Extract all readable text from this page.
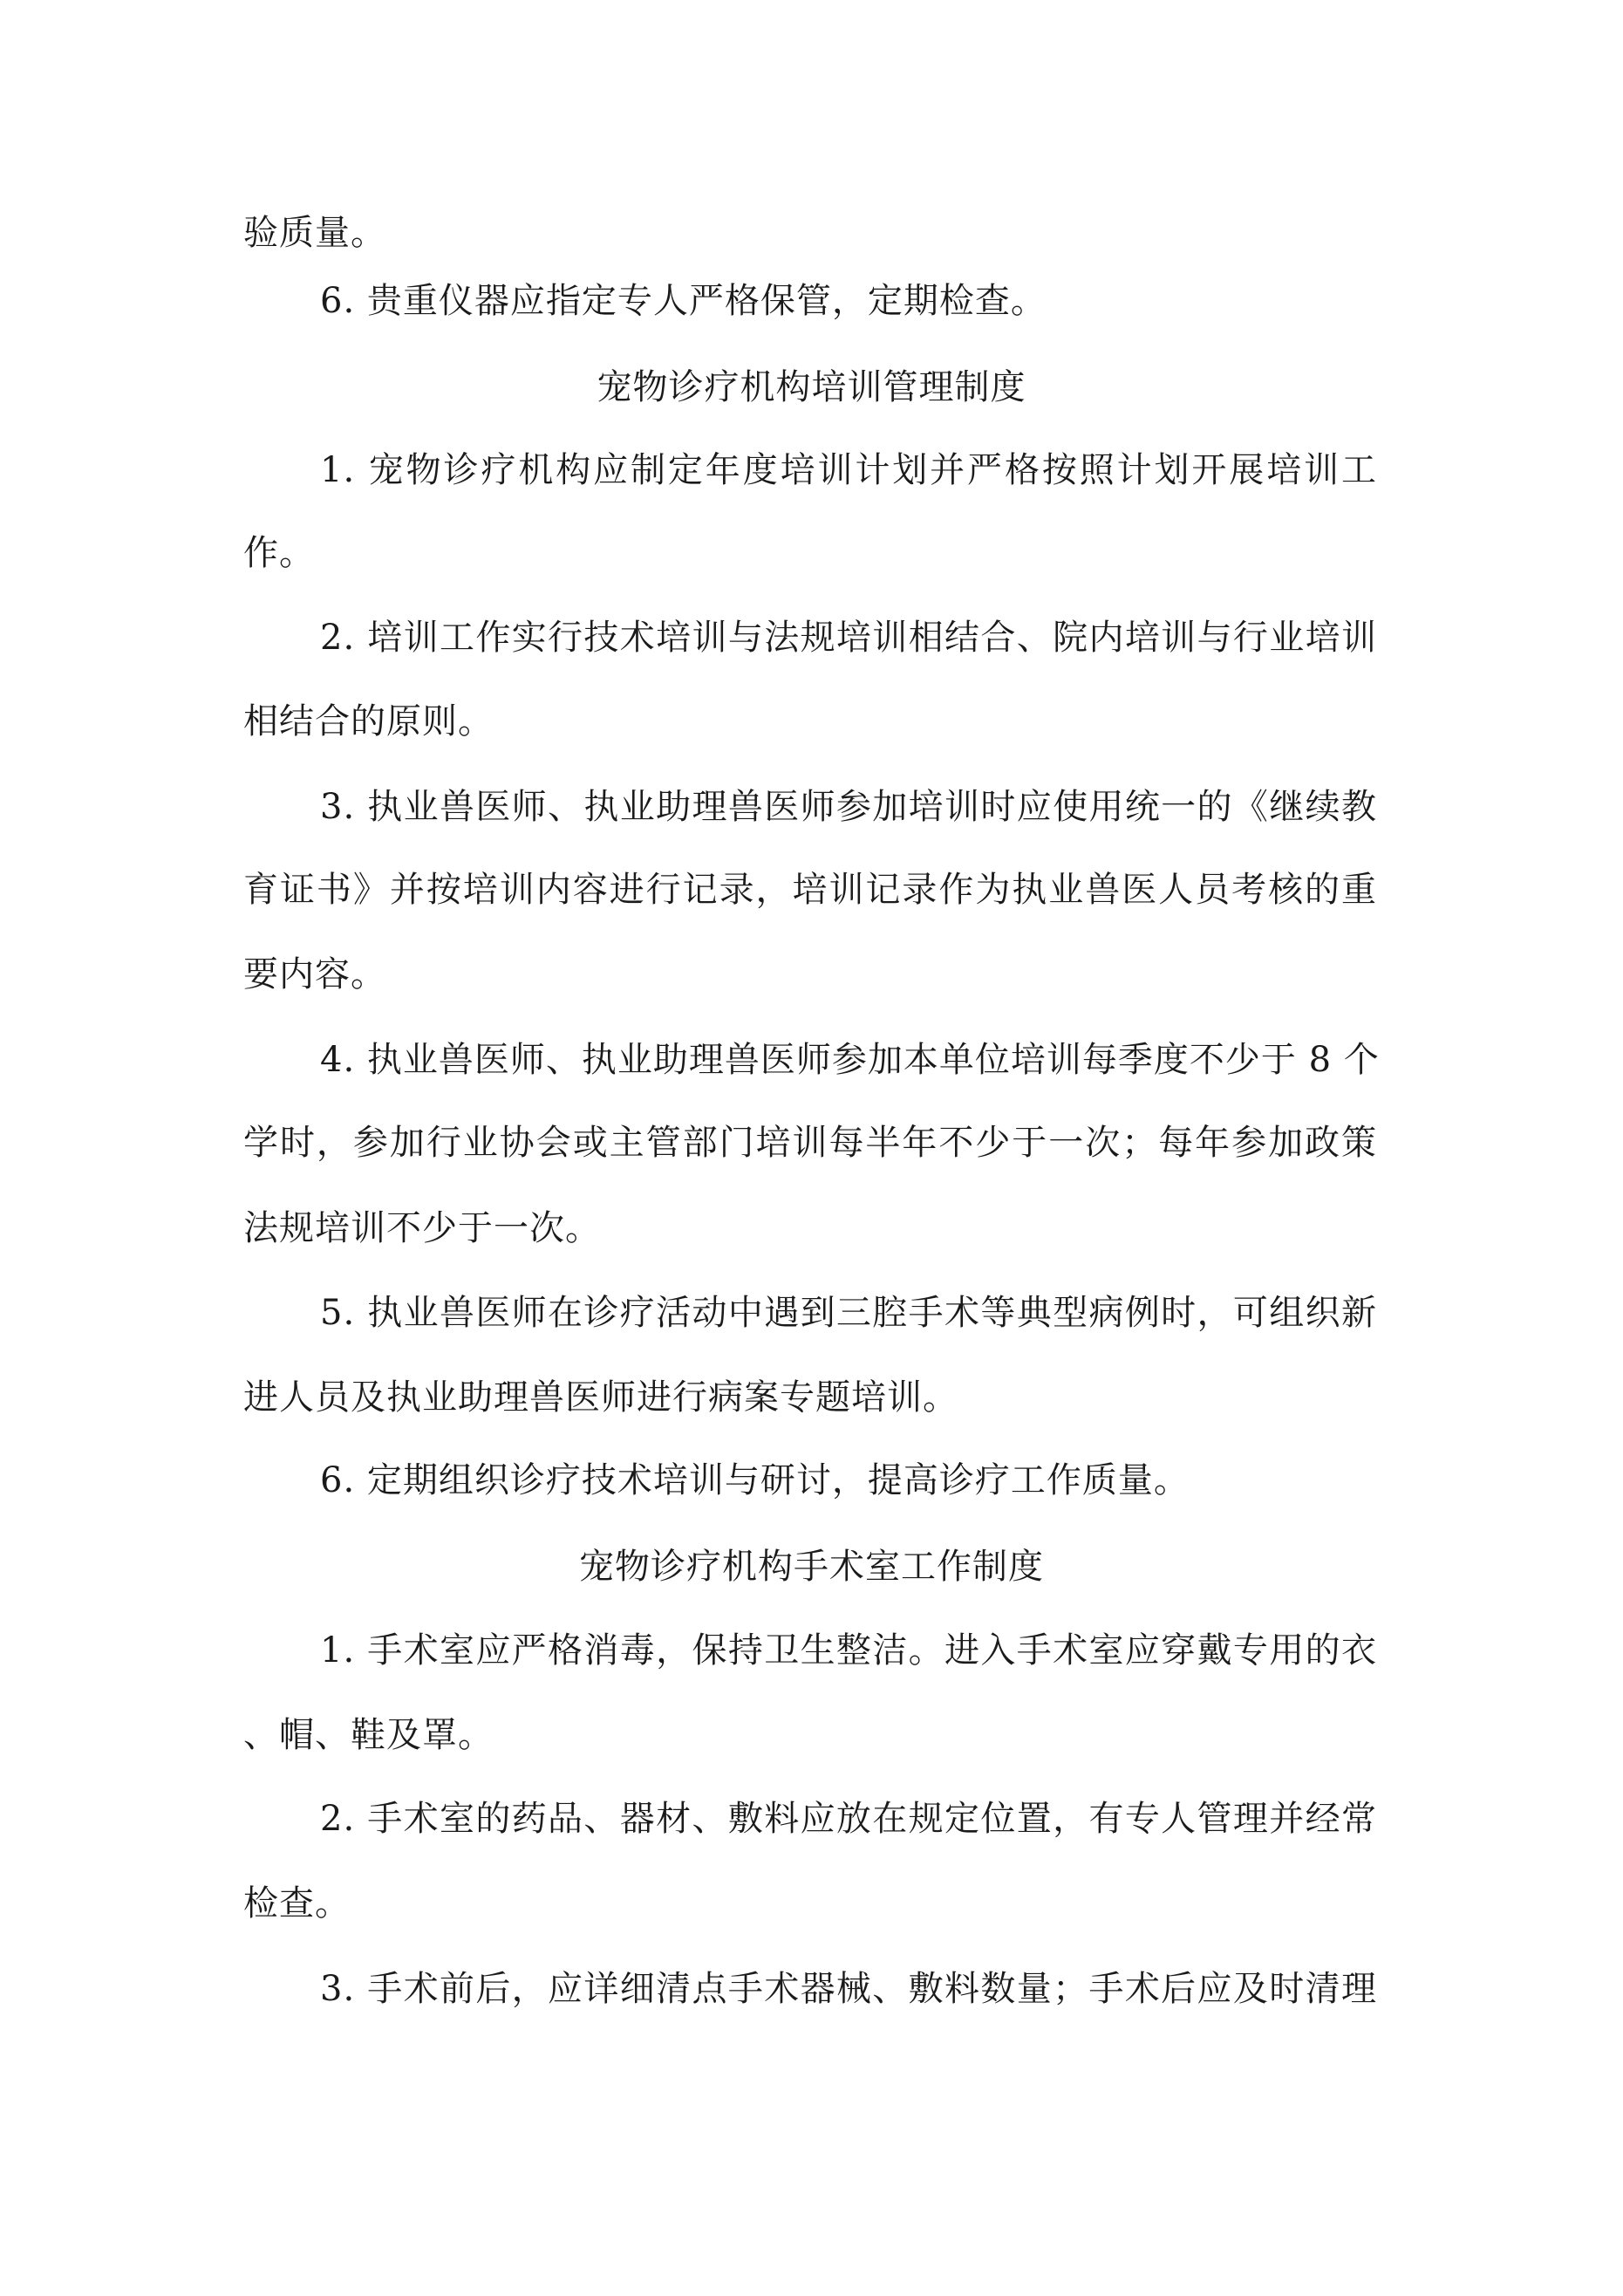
验质量。
6. 贵重仪器应指定专人严格保管，定期检查。
宠物诊疗机构培训管理制度
1. 宠物诊疗机构应制定年度培训计划并严格按照计划开展培训工
作。
2. 培训工作实行技术培训与法规培训相结合、院内培训与行业培训
相结合的原则。
3. 执业兽医师、执业助理兽医师参加培训时应使用统一的《继续教
育证书》并按培训内容进行记录，培训记录作为执业兽医人员考核的重
要内容。
4. 执业兽医师、执业助理兽医师参加本单位培训每季度不少于 8 个
学时，参加行业协会或主管部门培训每半年不少于一次；每年参加政策
法规培训不少于一次。
5. 执业兽医师在诊疗活动中遇到三腔手术等典型病例时，可组织新
进人员及执业助理兽医师进行病案专题培训。
6. 定期组织诊疗技术培训与研讨，提高诊疗工作质量。
宠物诊疗机构手术室工作制度
1. 手术室应严格消毒，保持卫生整洁。进入手术室应穿戴专用的衣
、帽、鞋及罩。
2. 手术室的药品、器材、敷料应放在规定位置，有专人管理并经常
检查。
3. 手术前后，应详细清点手术器械、敷料数量；手术后应及时清理
